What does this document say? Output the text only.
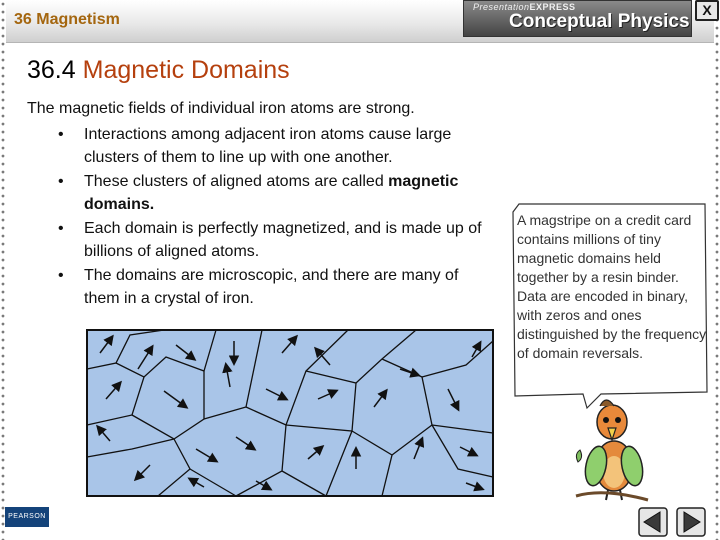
36 Magnetism
PresentationEXPRESS
Conceptual Physics
X
36.4 Magnetic Domains
The magnetic fields of individual iron atoms are strong.
• Interactions among adjacent iron atoms cause large clusters of them to line up with one another.
• These clusters of aligned atoms are called magnetic domains.
• Each domain is perfectly magnetized, and is made up of billions of aligned atoms.
• The domains are microscopic, and there are many of them in a crystal of iron.
A magstripe on a credit card contains millions of tiny magnetic domains held together by a resin binder. Data are encoded in binary, with zeros and ones distinguished by the frequency of domain reversals.
PEARSON
